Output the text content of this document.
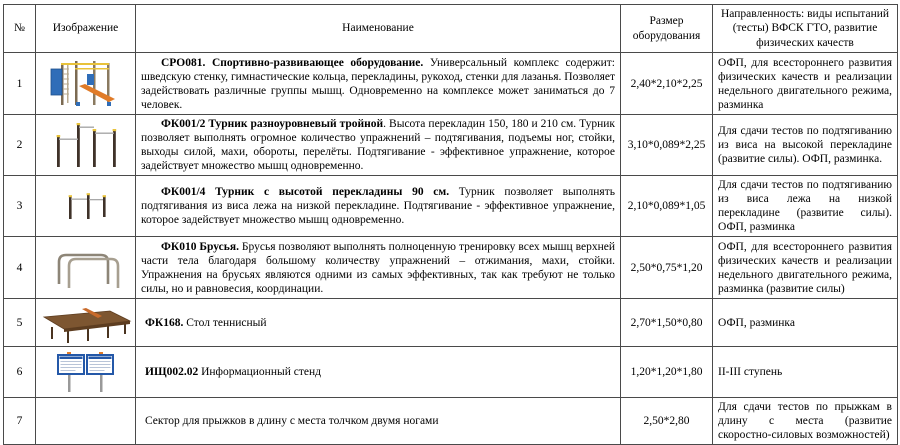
№	Изображение	Наименование	Размер оборудования	Направленность: виды испытаний (тесты) ВФСК ГТО, развитие физических качеств
1		СРО081. Спортивно-развивающее оборудование. Универсальный комплекс содержит: шведскую стенку, гимнастические кольца, перекладины, рукоход, стенки для лазанья. Позволяет задействовать различные группы мышц. Одновременно на комплексе может заниматься до 7 человек.	2,40*2,10*2,25	ОФП, для всестороннего развития физических качеств и реализации недельного двигательного режима, разминка
2		ФК001/2 Турник разноуровневый тройной. Высота перекладин 150, 180 и 210 см. Турник позволяет выполнять огромное количество упражнений – подтягивания, подъемы ног, стойки, выходы силой, махи, обороты, перелёты. Подтягивание - эффективное упражнение, которое задействует множество мышц одновременно.	3,10*0,089*2,25	Для сдачи тестов по подтягиванию из виса на высокой перекладине (развитие силы). ОФП, разминка.
3		ФК001/4 Турник с высотой перекладины 90 см. Турник позволяет выполнять подтягивания из виса лежа на низкой перекладине. Подтягивание - эффективное упражнение, которое задействует множество мышц одновременно.	2,10*0,089*1,05	Для сдачи тестов по подтягиванию из виса лежа на низкой перекладине (развитие силы). ОФП, разминка
4		ФК010 Брусья. Брусья позволяют выполнять полноценную тренировку всех мышц верхней части тела благодаря большому количеству упражнений – отжимания, махи, стойки. Упражнения на брусьях являются одними из самых эффективных, так как требуют не только силы, но и равновесия, координации.	2,50*0,75*1,20	ОФП, для всестороннего развития физических качеств и реализации недельного двигательного режима, разминка (развитие силы)
5		ФК168. Стол теннисный	2,70*1,50*0,80	ОФП, разминка
6		ИЩ002.02 Информационный стенд	1,20*1,20*1,80	II-III ступень
7		Сектор для прыжков в длину с места толчком двумя ногами	2,50*2,80	Для сдачи тестов по прыжкам в длину с места (развитие скоростно-силовых возможностей)
